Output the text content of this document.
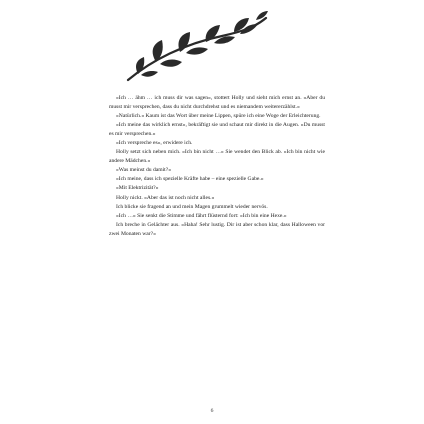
»Ich … ähm … ich muss dir was sagen«, stottert Holly und sieht mich ernst an. »Aber du musst mir versprechen, dass du nicht durchdrehst und es niemandem weitererzählst.«

»Natürlich.« Kaum ist das Wort über meine Lippen, spüre ich eine Woge der Erleichterung.

»Ich meine das wirklich ernst«, bekräftigt sie und schaut mir direkt in die Augen. »Du musst es mir versprechen.«

»Ich verspreche es«, erwidere ich.

Holly setzt sich neben mich. »Ich bin nicht …« Sie wendet den Blick ab. »Ich bin nicht wie andere Mädchen.«

»Was meinst du damit?«

»Ich meine, dass ich spezielle Kräfte habe – eine spezielle Gabe.«

»Mit Elektrizität?«

Holly nickt. »Aber das ist noch nicht alles.«

Ich blicke sie fragend an und mein Magen grummelt wieder nervös.

»Ich …« Sie senkt die Stimme und fährt flüsternd fort: »Ich bin eine Hexe.«

Ich breche in Gelächter aus. »Haha! Sehr lustig. Dir ist aber schon klar, dass Halloween vor zwei Monaten war?«

6
